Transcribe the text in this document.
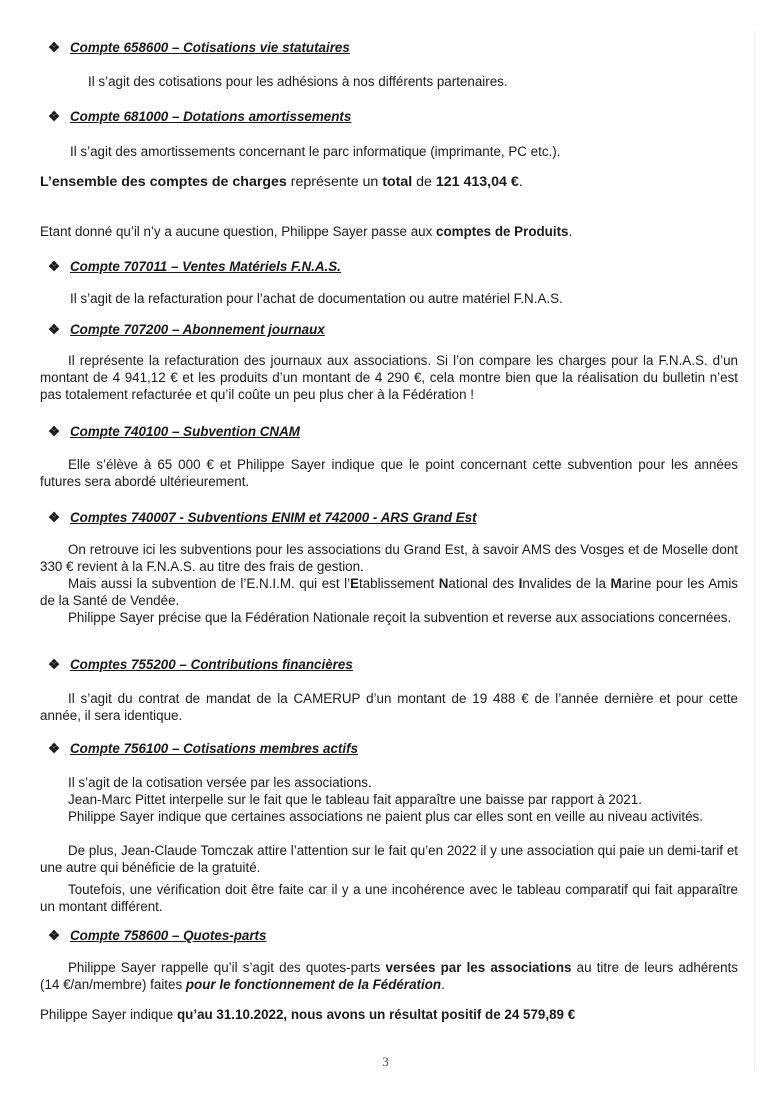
❖ Compte 658600 – Cotisations vie statutaires
Il s’agit des cotisations pour les adhésions à nos différents partenaires.
❖ Compte 681000 – Dotations amortissements
Il s’agit des amortissements concernant le parc informatique (imprimante, PC etc.).
L’ensemble des comptes de charges représente un total de 121 413,04 €.
Etant donné qu’il n’y a aucune question, Philippe Sayer passe aux comptes de Produits.
❖ Compte 707011 – Ventes Matériels F.N.A.S.
Il s’agit de la refacturation pour l’achat de documentation ou autre matériel F.N.A.S.
❖ Compte 707200 – Abonnement journaux
Il représente la refacturation des journaux aux associations. Si l’on compare les charges pour la F.N.A.S. d’un montant de 4 941,12 € et les produits d’un montant de 4 290 €, cela montre bien que la réalisation du bulletin n’est pas totalement refacturée et qu’il coûte un peu plus cher à la Fédération !
❖ Compte 740100 – Subvention CNAM
Elle s’élève à 65 000 € et Philippe Sayer indique que le point concernant cette subvention pour les années futures sera abordé ultérieurement.
❖ Comptes 740007 - Subventions ENIM et 742000 - ARS Grand Est
On retrouve ici les subventions pour les associations du Grand Est, à savoir AMS des Vosges et de Moselle dont 330 € revient à la F.N.A.S. au titre des frais de gestion.
Mais aussi la subvention de l’E.N.I.M. qui est l’Etablissement National des Invalides de la Marine pour les Amis de la Santé de Vendée.
Philippe Sayer précise que la Fédération Nationale reçoit la subvention et reverse aux associations concernées.
❖ Comptes 755200 – Contributions financières
Il s’agit du contrat de mandat de la CAMERUP d’un montant de 19 488 € de l’année dernière et pour cette année, il sera identique.
❖ Compte 756100 – Cotisations membres actifs
Il s’agit de la cotisation versée par les associations.
Jean-Marc Pittet interpelle sur le fait que le tableau fait apparaître une baisse par rapport à 2021.
Philippe Sayer indique que certaines associations ne paient plus car elles sont en veille au niveau activités.
De plus, Jean-Claude Tomczak attire l’attention sur le fait qu’en 2022 il y une association qui paie un demi-tarif et une autre qui bénéficie de la gratuité.
Toutefois, une vérification doit être faite car il y a une incohérence avec le tableau comparatif qui fait apparaître un montant différent.
❖ Compte 758600 – Quotes-parts
Philippe Sayer rappelle qu’il s’agit des quotes-parts versées par les associations au titre de leurs adhérents (14 €/an/membre) faites pour le fonctionnement de la Fédération.
Philippe Sayer indique qu’au 31.10.2022, nous avons un résultat positif de 24 579,89 €
3
